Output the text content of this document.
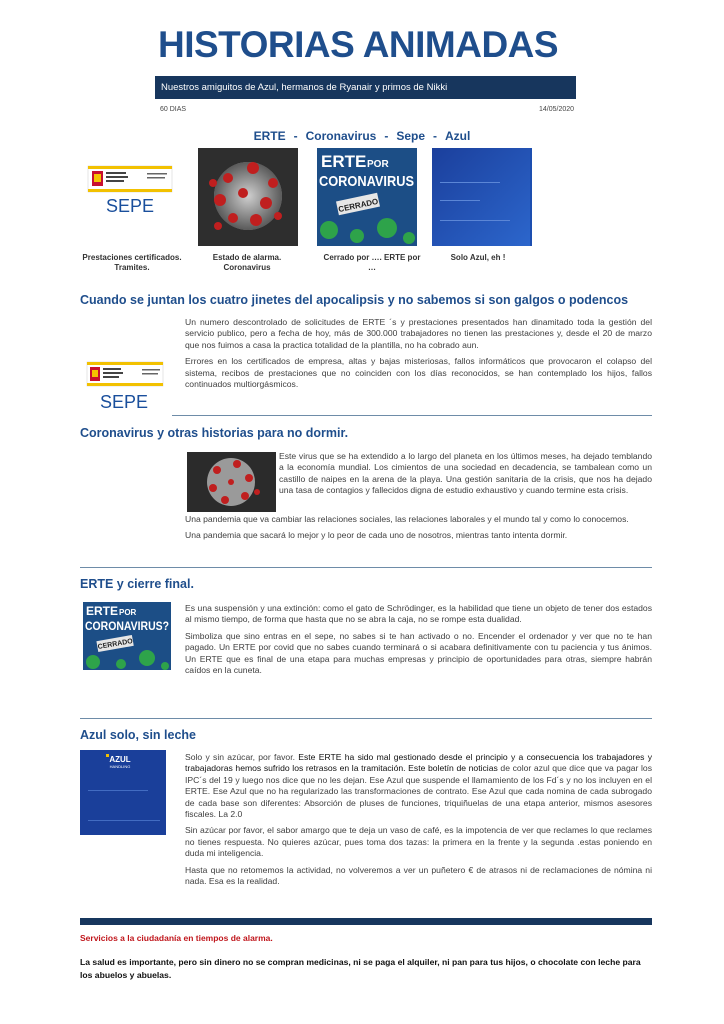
HISTORIAS ANIMADAS
Nuestros amiguitos de Azul, hermanos de Ryanair y primos de Nikki
60 DIAS	14/05/2020
ERTE - Coronavirus - Sepe - Azul
SEPE
ERTE POR
CORONAVIRUS
CERRADO
Prestaciones certificados. Tramites.
Estado de alarma. Coronavirus
Cerrado por …. ERTE por …
Solo Azul, eh !
Cuando se juntan los cuatro jinetes del apocalipsis y no sabemos si son galgos o podencos
SEPE

Un numero descontrolado de solicitudes de ERTE ´s y prestaciones presentados han dinamitado toda la gestión del servicio publico, pero a fecha de hoy, más de 300.000 trabajadores no tienen las prestaciones y, desde el 20 de marzo que nos fuimos a casa la practica totalidad de la plantilla, no ha cobrado aun.

Errores en los certificados de empresa, altas y bajas misteriosas, fallos informáticos que provocaron el colapso del sistema, recibos de prestaciones que no coinciden con los días reconocidos, se han contemplado los hijos, fallos continuados multiorgásmicos.

Coronavirus y otras historias para no dormir.

Este virus que se ha extendido a lo largo del planeta en los últimos meses, ha dejado temblando a la economía mundial. Los cimientos de una sociedad en decadencia, se tambalean como un castillo de naipes en la arena de la playa. Una gestión sanitaria de la crisis, que nos ha dejado una tasa de contagios y fallecidos digna de estudio exhaustivo y cuando termine esta crisis.

Una pandemia que va cambiar las relaciones sociales, las relaciones laborales y el mundo tal y como lo conocemos.

Una pandemia que sacará lo mejor y lo peor de cada uno de nosotros, mientras tanto intenta dormir.

ERTE y cierre final.
ERTE POR
CORONAVIRUS?
CERRADO

Es una suspensión y una extinción: como el gato de Schrödinger, es la habilidad que tiene un objeto de tener dos estados al mismo tiempo, de forma que hasta que no se abra la caja, no se rompe esta dualidad.

Simboliza que sino entras en el sepe, no sabes si te han activado o no. Encender el ordenador y ver que no te han pagado. Un ERTE por covid que no sabes cuando terminará o si acabara definitivamente con tu paciencia y tus ánimos. Un ERTE que es final de una etapa para muchas empresas y principio de oportunidades para otras, siempre habrán caídos en la cuneta.

Azul solo, sin leche
AZUL
HANDLING

Solo y sin azúcar, por favor. Este ERTE ha sido mal gestionado desde el principio y a consecuencia los trabajadores y trabajadoras hemos sufrido los retrasos en la tramitación. Este boletín de noticias de color azul que dice que va pagar los IPC´s del 19 y luego nos dice que no les dejan. Ese Azul que suspende el llamamiento de los Fd´s y no los incluyen en el ERTE. Ese Azul que no ha regularizado las transformaciones de contrato. Ese Azul que cada nomina de cada subrogado de cada base son diferentes: Absorción de pluses de funciones, triquiñuelas de una etapa anterior, mismos asesores fiscales. La 2.0

Sin azúcar por favor, el sabor amargo que te deja un vaso de café, es la impotencia de ver que reclames lo que reclames no tienes respuesta. No quieres azúcar, pues toma dos tazas: la primera en la frente y la segunda .estas poniendo en duda mi inteligencia.

Hasta que no retomemos la actividad, no volveremos a ver un puñetero € de atrasos ni de reclamaciones de nómina ni nada. Esa es la realidad.

Servicios a la ciudadanía en tiempos de alarma.
La salud es importante, pero sin dinero no se compran medicinas, ni se paga el alquiler, ni pan para tus hijos, o chocolate con leche para los abuelos y abuelas.
